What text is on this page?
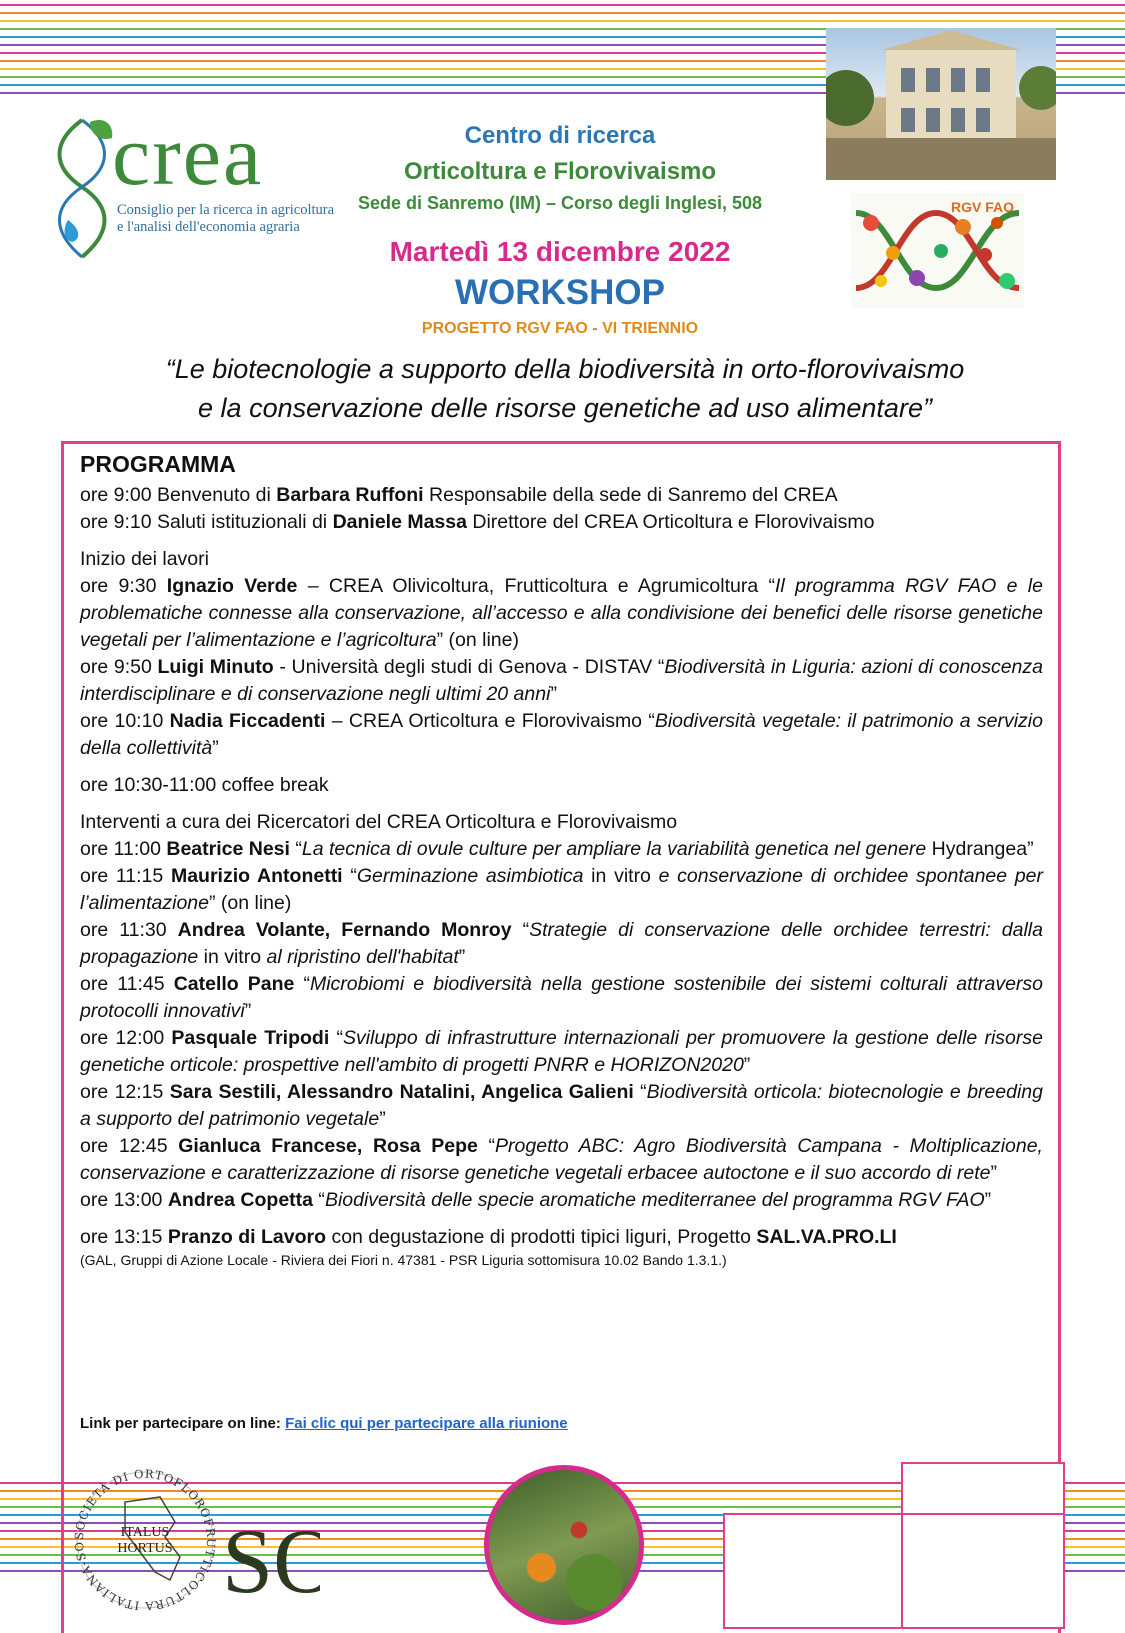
crea
Consiglio per la ricerca in agricoltura
e l'analisi dell'economia agraria
Centro di ricerca
Orticoltura e Florovivaismo
Sede di Sanremo (IM) – Corso degli Inglesi, 508
Martedì 13 dicembre 2022
WORKSHOP
PROGETTO RGV FAO - VI TRIENNIO
RGV FAO
“Le biotecnologie a supporto della biodiversità in orto-florovivaismo
e la conservazione delle risorse genetiche ad uso alimentare”
PROGRAMMA

ore 9:00 Benvenuto di Barbara Ruffoni Responsabile della sede di Sanremo del CREA

ore 9:10 Saluti istituzionali di Daniele Massa Direttore del CREA Orticoltura e Florovivaismo

Inizio dei lavori

ore 9:30 Ignazio Verde – CREA Olivicoltura, Frutticoltura e Agrumicoltura “Il programma RGV FAO e le problematiche connesse alla conservazione, all’accesso e alla condivisione dei benefici delle risorse genetiche vegetali per l’alimentazione e l’agricoltura” (on line)

ore 9:50 Luigi Minuto - Università degli studi di Genova - DISTAV “Biodiversità in Liguria: azioni di conoscenza interdisciplinare e di conservazione negli ultimi 20 anni”

ore 10:10 Nadia Ficcadenti – CREA Orticoltura e Florovivaismo “Biodiversità vegetale: il patrimonio a servizio della collettività”

ore 10:30-11:00 coffee break

Interventi a cura dei Ricercatori del CREA Orticoltura e Florovivaismo

ore 11:00 Beatrice Nesi “La tecnica di ovule culture per ampliare la variabilità genetica nel genere Hydrangea”

ore 11:15 Maurizio Antonetti “Germinazione asimbiotica in vitro e conservazione di orchidee spontanee per l’alimentazione” (on line)

ore 11:30 Andrea Volante, Fernando Monroy “Strategie di conservazione delle orchidee terrestri: dalla propagazione in vitro al ripristino dell'habitat”

ore 11:45 Catello Pane “Microbiomi e biodiversità nella gestione sostenibile dei sistemi colturali attraverso protocolli innovativi”

ore 12:00 Pasquale Tripodi “Sviluppo di infrastrutture internazionali per promuovere la gestione delle risorse genetiche orticole: prospettive nell'ambito di progetti PNRR e HORIZON2020”

ore 12:15 Sara Sestili, Alessandro Natalini, Angelica Galieni “Biodiversità orticola: biotecnologie e breeding a supporto del patrimonio vegetale”

ore 12:45 Gianluca Francese, Rosa Pepe “Progetto ABC: Agro Biodiversità Campana - Moltiplicazione, conservazione e caratterizzazione di risorse genetiche vegetali erbacee autoctone e il suo accordo di rete”

ore 13:00 Andrea Copetta “Biodiversità delle specie aromatiche mediterranee del programma RGV FAO”

ore 13:15 Pranzo di Lavoro con degustazione di prodotti tipici liguri, Progetto SAL.VA.PRO.LI

(GAL, Gruppi di Azione Locale - Riviera dei Fiori n. 47381 - PSR Liguria sottomisura 10.02 Bando 1.3.1.)

Link per partecipare on line: Fai clic qui per partecipare alla riunione
SOCIETÀ DI ORTOFLOROFRUTTICOLTURA ITALIANA-SO
ITALUS
HORTUS SO
